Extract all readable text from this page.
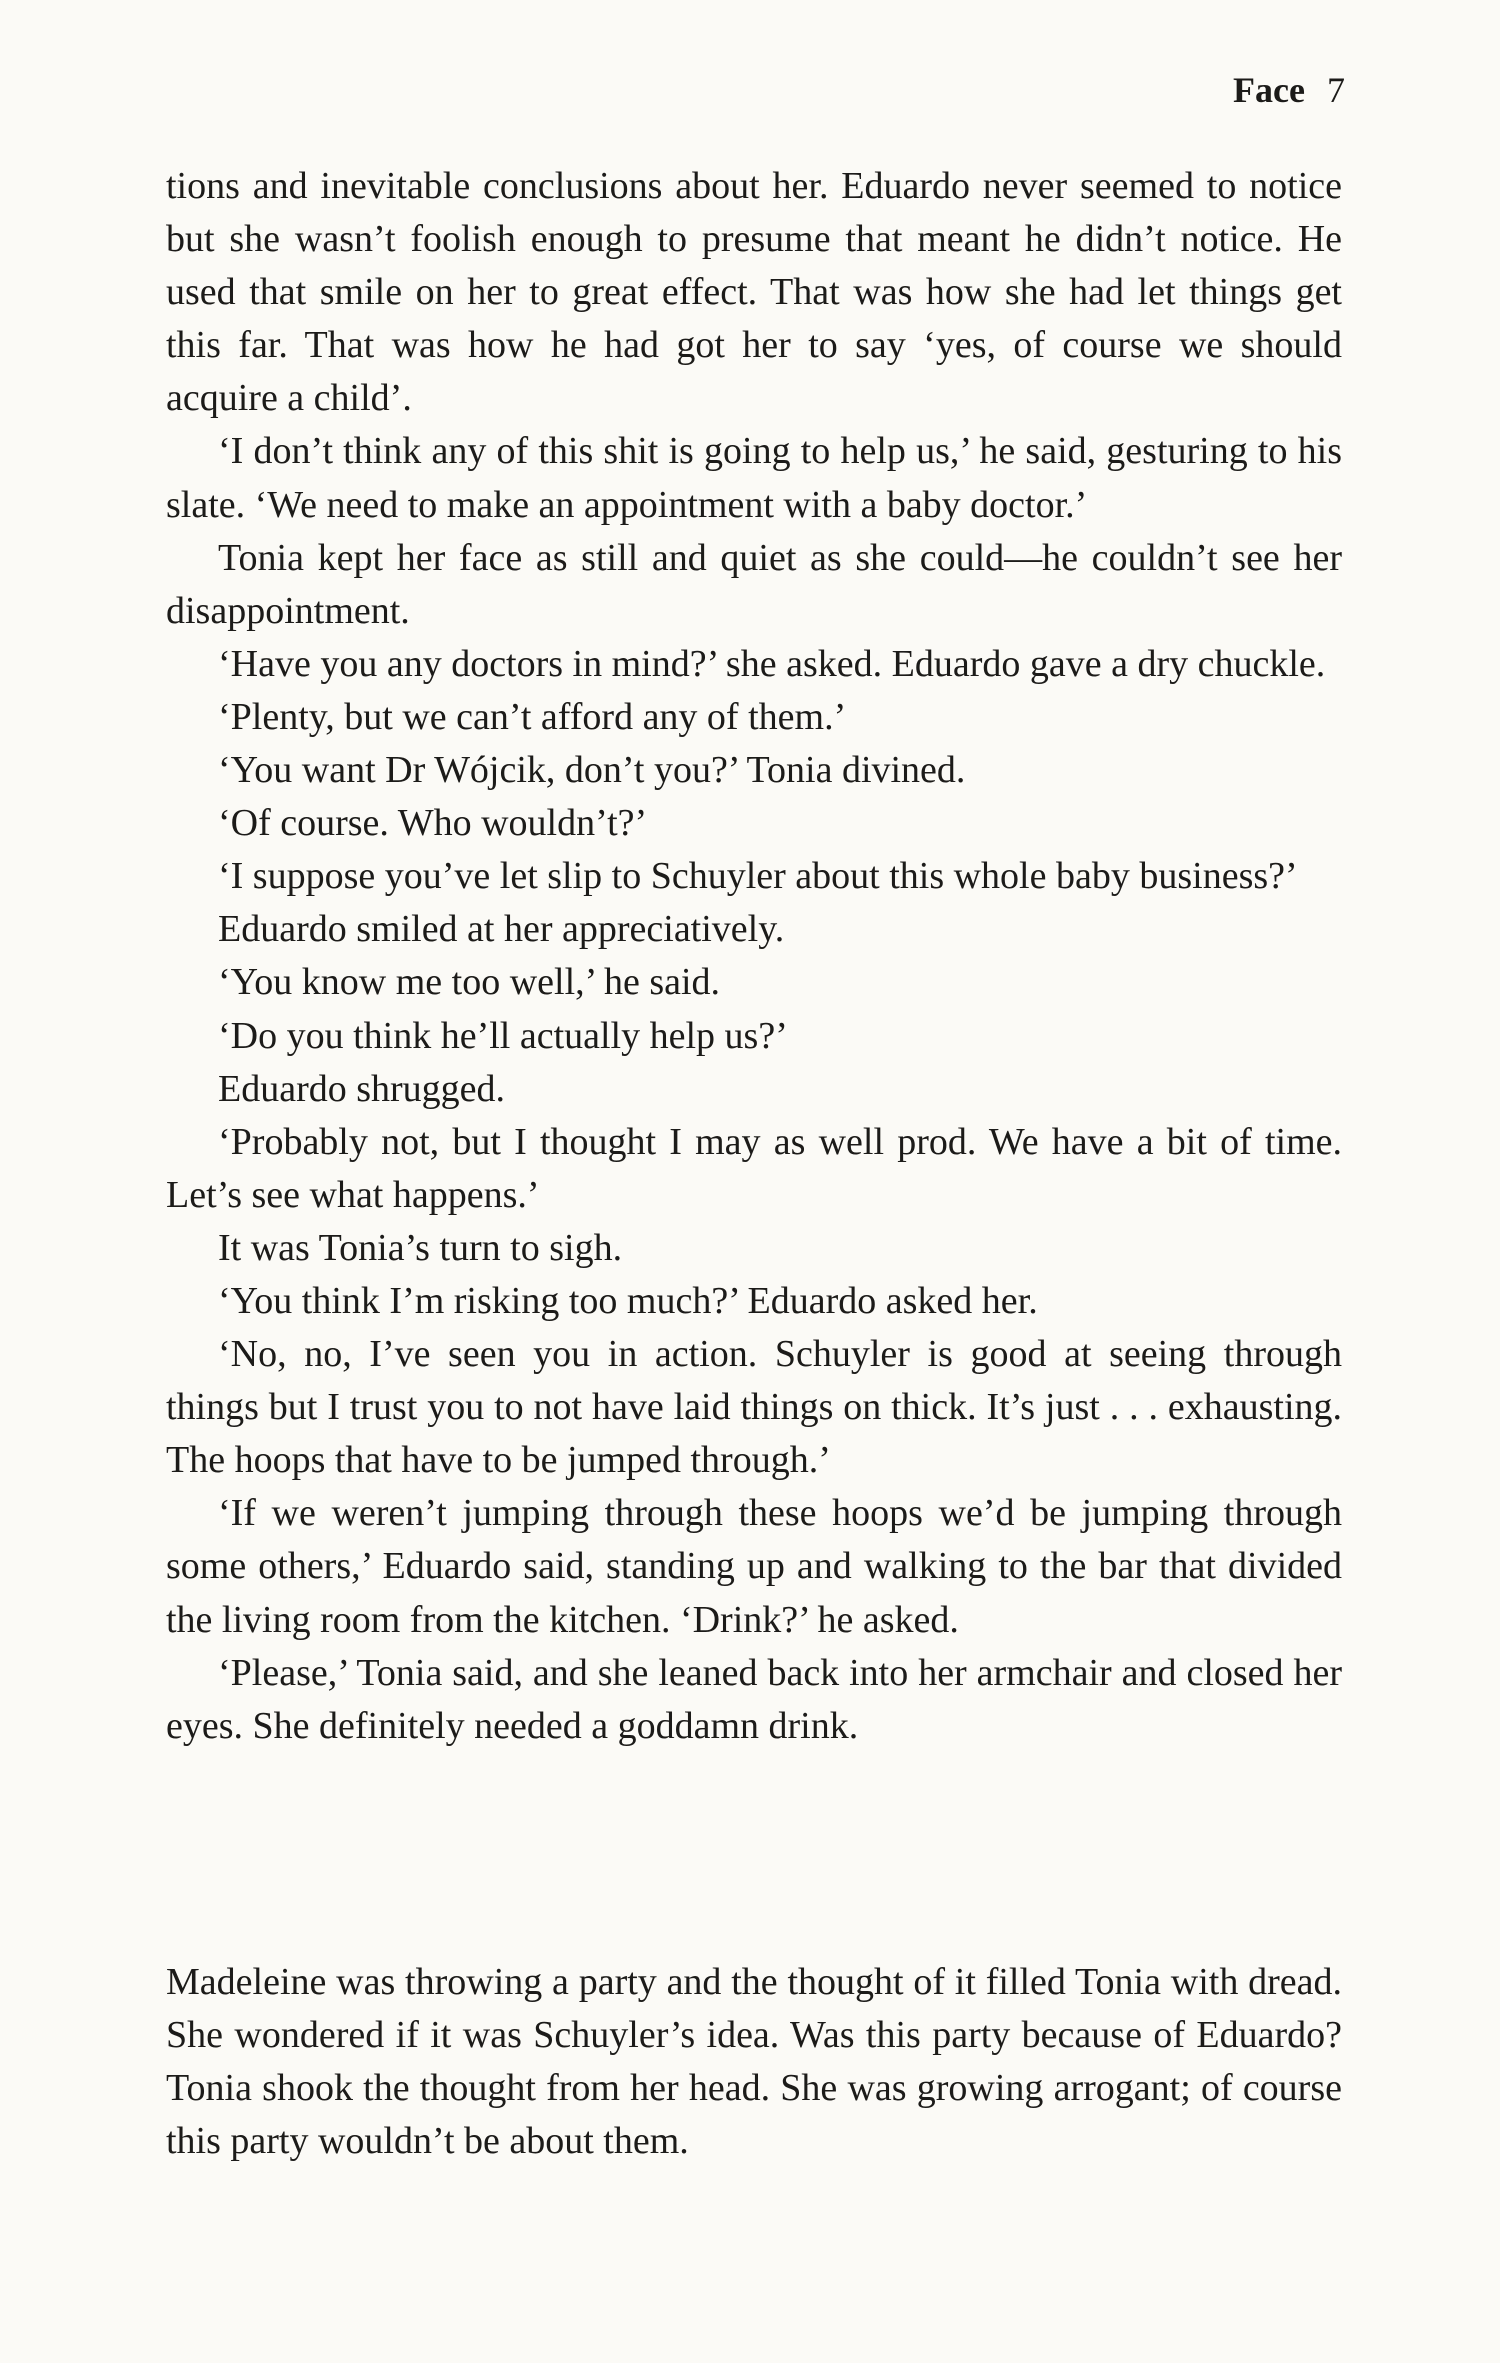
Face 7

tions and inevitable conclusions about her. Eduardo never seemed to notice but she wasn’t foolish enough to presume that meant he didn’t notice. He used that smile on her to great effect. That was how she had let things get this far. That was how he had got her to say ‘yes, of course we should acquire a child’.

‘I don’t think any of this shit is going to help us,’ he said, gesturing to his slate. ‘We need to make an appointment with a baby doctor.’

Tonia kept her face as still and quiet as she could—he couldn’t see her disappointment.

‘Have you any doctors in mind?’ she asked. Eduardo gave a dry chuckle.

‘Plenty, but we can’t afford any of them.’

‘You want Dr Wójcik, don’t you?’ Tonia divined.

‘Of course. Who wouldn’t?’

‘I suppose you’ve let slip to Schuyler about this whole baby business?’

Eduardo smiled at her appreciatively.

‘You know me too well,’ he said.

‘Do you think he’ll actually help us?’

Eduardo shrugged.

‘Probably not, but I thought I may as well prod. We have a bit of time. Let’s see what happens.’

It was Tonia’s turn to sigh.

‘You think I’m risking too much?’ Eduardo asked her.

‘No, no, I’ve seen you in action. Schuyler is good at seeing through things but I trust you to not have laid things on thick. It’s just . . . exhausting. The hoops that have to be jumped through.’

‘If we weren’t jumping through these hoops we’d be jumping through some others,’ Eduardo said, standing up and walking to the bar that divided the living room from the kitchen. ‘Drink?’ he asked.

‘Please,’ Tonia said, and she leaned back into her armchair and closed her eyes. She definitely needed a goddamn drink.

Madeleine was throwing a party and the thought of it filled Tonia with dread. She wondered if it was Schuyler’s idea. Was this party because of Eduardo? Tonia shook the thought from her head. She was growing arrogant; of course this party wouldn’t be about them.
